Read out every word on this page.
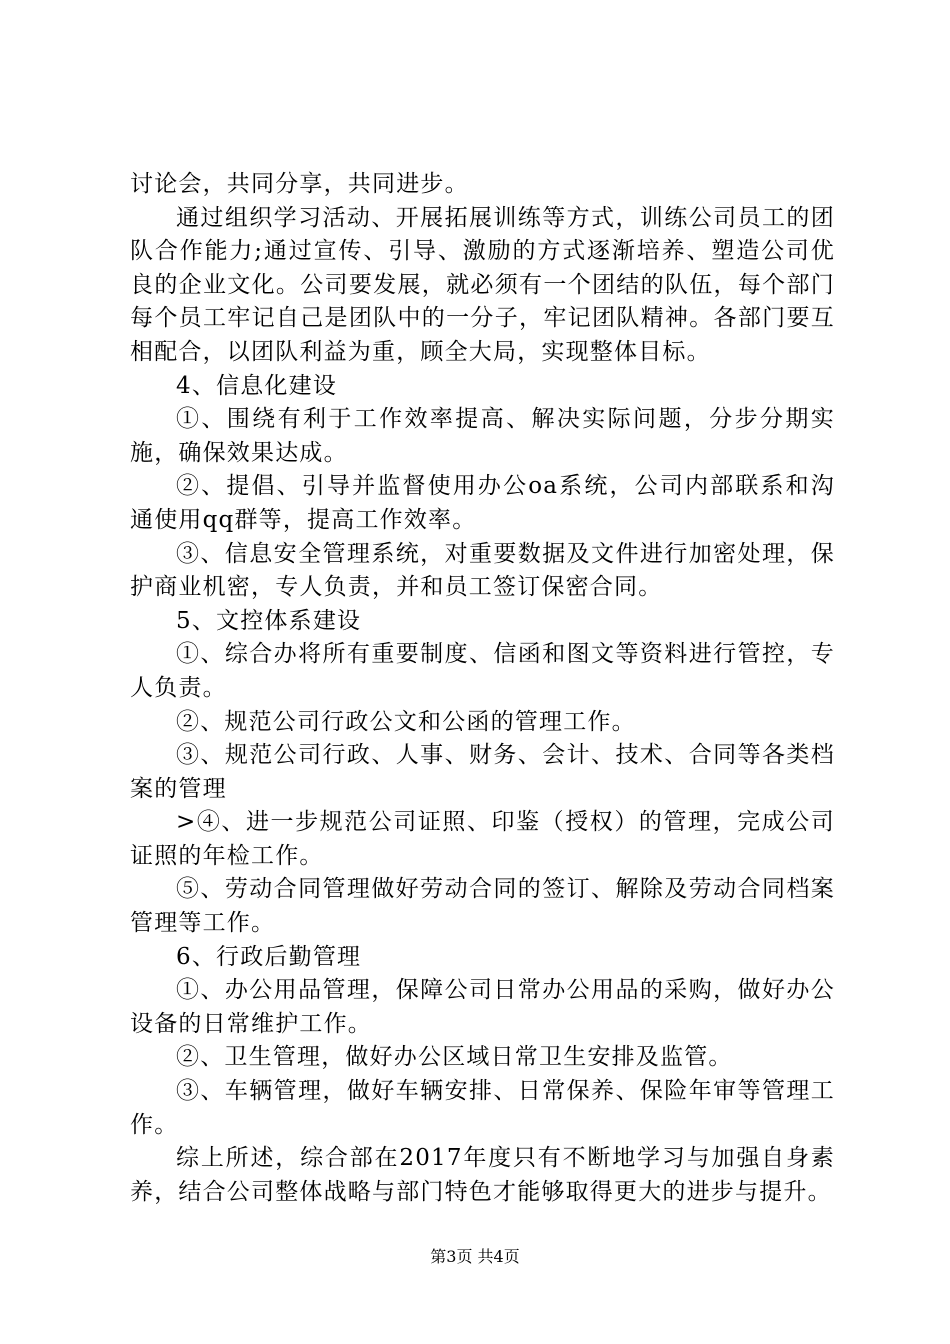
讨论会，共同分享，共同进步。

通过组织学习活动、开展拓展训练等方式，训练公司员工的团队合作能力;通过宣传、引导、激励的方式逐渐培养、塑造公司优良的企业文化。公司要发展，就必须有一个团结的队伍，每个部门每个员工牢记自己是团队中的一分子，牢记团队精神。各部门要互相配合，以团队利益为重，顾全大局，实现整体目标。

4、信息化建设

①、围绕有利于工作效率提高、解决实际问题，分步分期实施，确保效果达成。

②、提倡、引导并监督使用办公oa系统，公司内部联系和沟通使用qq群等，提高工作效率。

③、信息安全管理系统，对重要数据及文件进行加密处理，保护商业机密，专人负责，并和员工签订保密合同。

5、文控体系建设

①、综合办将所有重要制度、信函和图文等资料进行管控，专人负责。

②、规范公司行政公文和公函的管理工作。

③、规范公司行政、人事、财务、会计、技术、合同等各类档案的管理

>④、进一步规范公司证照、印鉴（授权）的管理，完成公司证照的年检工作。

⑤、劳动合同管理做好劳动合同的签订、解除及劳动合同档案管理等工作。

6、行政后勤管理

①、办公用品管理，保障公司日常办公用品的采购，做好办公设备的日常维护工作。

②、卫生管理，做好办公区域日常卫生安排及监管。

③、车辆管理，做好车辆安排、日常保养、保险年审等管理工作。

综上所述，综合部在2017年度只有不断地学习与加强自身素养，结合公司整体战略与部门特色才能够取得更大的进步与提升。

第3页 共4页
